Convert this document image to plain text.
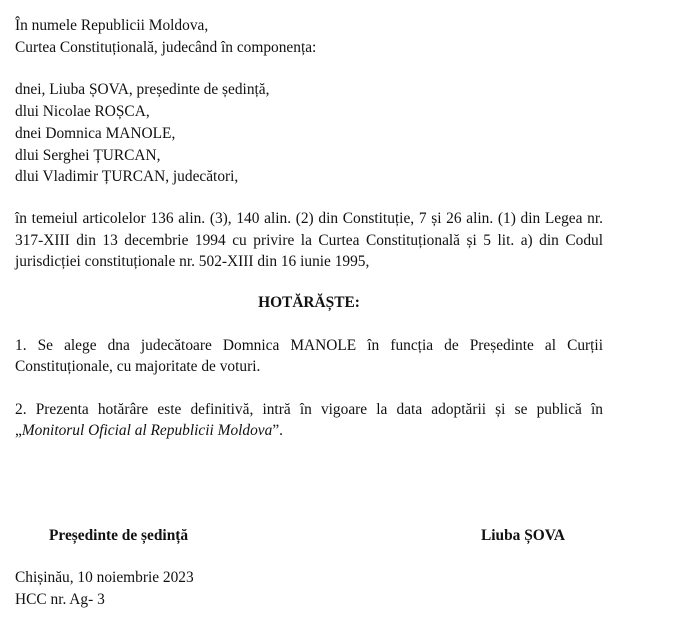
În numele Republicii Moldova,
Curtea Constituțională, judecând în componența:
dnei, Liuba ȘOVA, președinte de ședință,
dlui Nicolae ROȘCA,
dnei Domnica MANOLE,
dlui Serghei ȚURCAN,
dlui Vladimir ȚURCAN, judecători,
în temeiul articolelor 136 alin. (3), 140 alin. (2) din Constituție, 7 și 26 alin. (1) din Legea nr.
317-XIII din 13 decembrie 1994 cu privire la Curtea Constituțională și 5 lit. a) din Codul
jurisdicției constituționale nr. 502-XIII din 16 iunie 1995,
HOTĂRĂȘTE:
1. Se alege dna judecătoare Domnica MANOLE în funcția de Președinte al Curții
Constituționale, cu majoritate de voturi.
2. Prezenta hotărâre este definitivă, intră în vigoare la data adoptării și se publică în
„Monitorul Oficial al Republicii Moldova”.
Președinte de ședință	Liuba ȘOVA
Chișinău, 10 noiembrie 2023
HCC nr. Ag- 3
